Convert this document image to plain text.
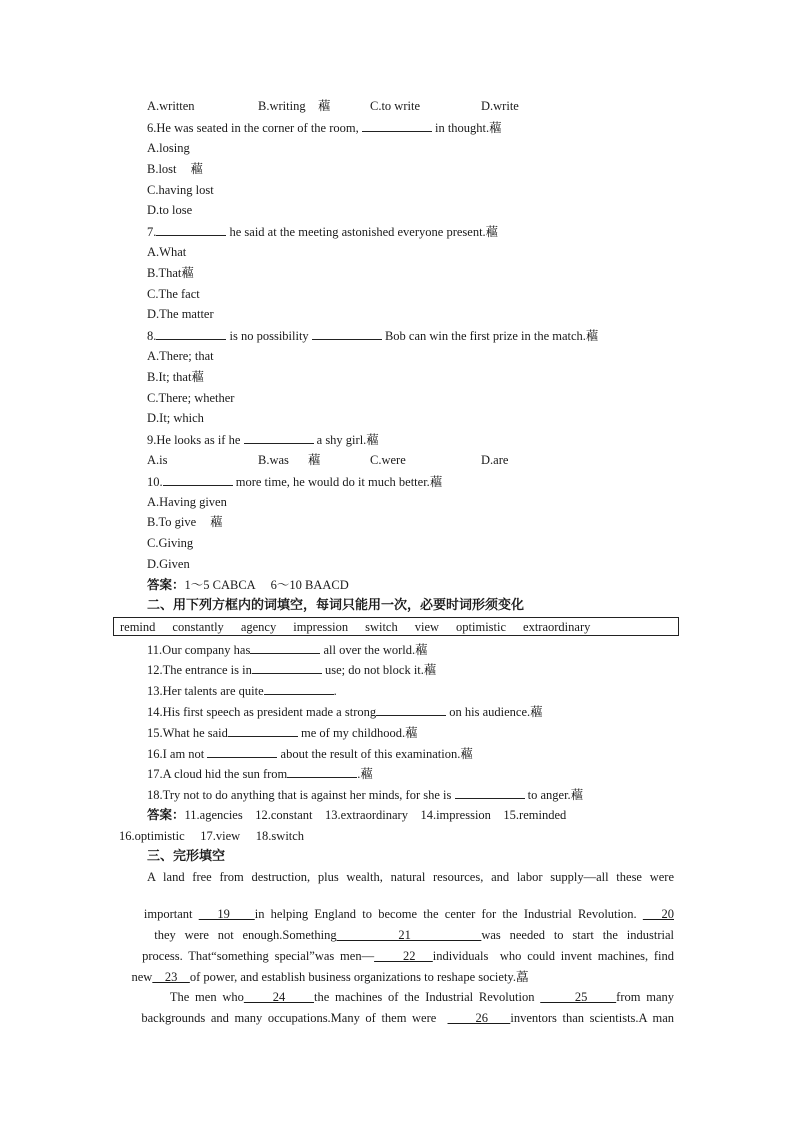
A.written	B.writing 藲	C.to write	D.write
6.He was seated in the corner of the room,	in thought.藲
A.losing
B.lost 藲
C.having lost
D.to lose
7.	he said at the meeting astonished everyone present.藲
A.What
B.That藲
C.The fact
D.The matter
8.	is no possibility	Bob can win the first prize in the match.藲
A.There; that
B.It; that藲
C.There; whether
D.It; which
9.He looks as if he	a shy girl.藲
A.is	B.was 藲	C.were	D.are
10.	more time, he would do it much better.藲
A.Having given
B.To give 藲
C.Giving
D.Given
答案：1～5 CABCA     6～10 BAACD
二、用下列方框内的词填空，每词只能用一次，必要时词形须变化
remind constantly agency impression switch view optimistic extraordinary
11.Our company has	all over the world.藲
12.The entrance is in	use; do not block it.藲
13.Her talents are quite	.
14.His first speech as president made a strong	on his audience.藲
15.What he said	me of my childhood.藲
16.I am not	about the result of this examination.藲
17.A cloud hid the sun from	.藲
18.Try not to do anything that is against her minds, for she is	to anger.藲
答案：11.agencies    12.constant    13.extraordinary    14.impression    15.reminded
16.optimistic     17.view     18.switch
三、完形填空
A land free from destruction, plus wealth, natural resources, and labor supply—all these were

important    19    in helping England to become the center for the Industrial Revolution.    20

they were not enough.Something       21        was needed to start the industrial

process. That“something special”was men—     22   individuals  who could invent machines, find

new    23    of power, and establish business organizations to reshape society.藠

The men who     24     the machines of the Industrial Revolution       25     from many

backgrounds and many occupations.Many of them were       26    inventors than scientists.A man
